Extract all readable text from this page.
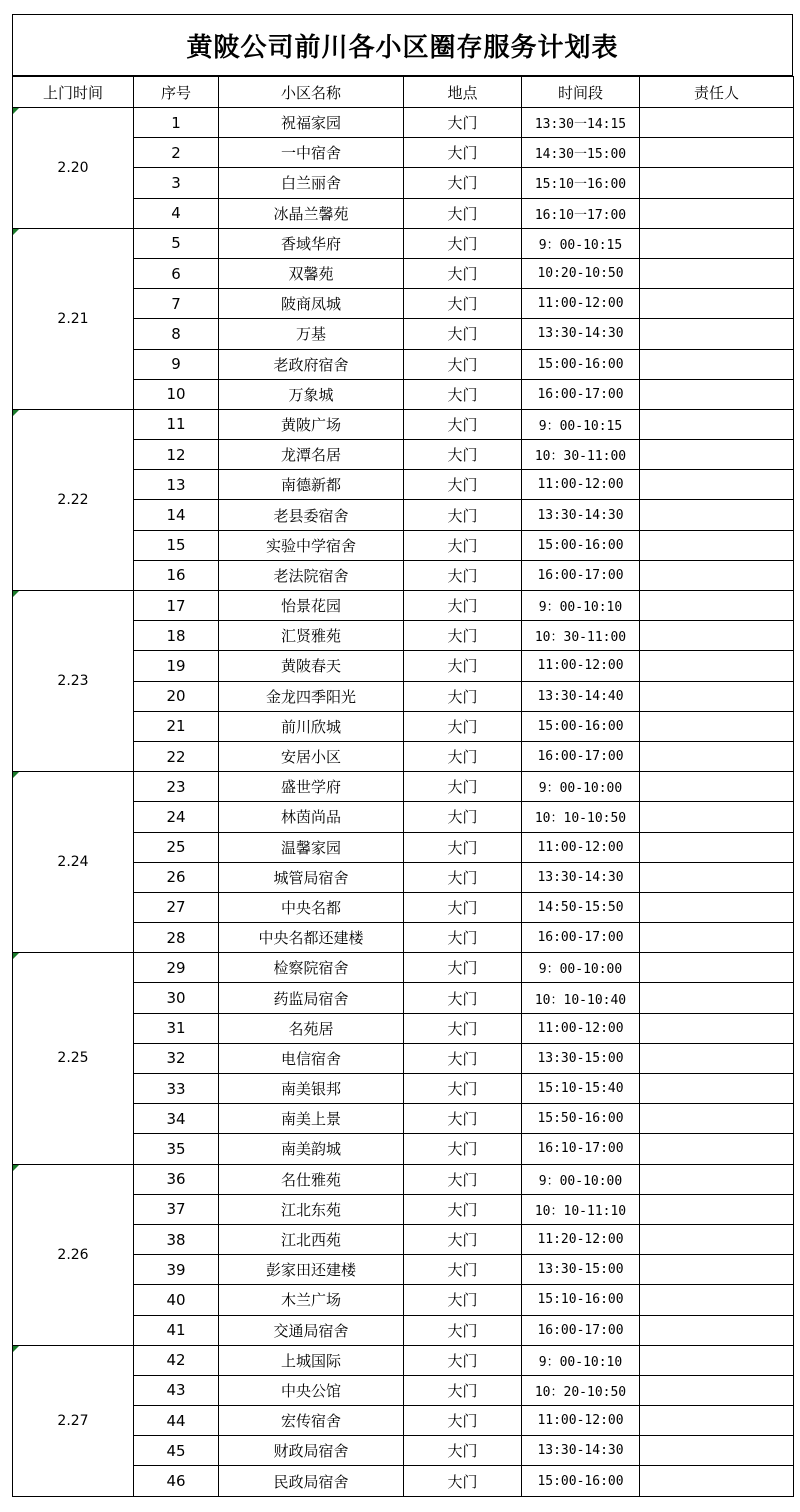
黄陂公司前川各小区圈存服务计划表
上门时间	序号	小区名称	地点	时间段	责任人
2.20	1	祝福家园	大门	13:30一14:15	
	2	一中宿舍	大门	14:30一15:00	
	3	白兰丽舍	大门	15:10一16:00	
	4	冰晶兰馨苑	大门	16:10一17:00	
2.21	5	香域华府	大门	9：00-10:15	
	6	双馨苑	大门	10:20-10:50	
	7	陂商凤城	大门	11:00-12:00	
	8	万基	大门	13:30-14:30	
	9	老政府宿舍	大门	15:00-16:00	
	10	万象城	大门	16:00-17:00	
2.22	11	黄陂广场	大门	9：00-10:15	
	12	龙潭名居	大门	10：30-11:00	
	13	南德新都	大门	11:00-12:00	
	14	老县委宿舍	大门	13:30-14:30	
	15	实验中学宿舍	大门	15:00-16:00	
	16	老法院宿舍	大门	16:00-17:00	
2.23	17	怡景花园	大门	9：00-10:10	
	18	汇贤雅苑	大门	10：30-11:00	
	19	黄陂春天	大门	11:00-12:00	
	20	金龙四季阳光	大门	13:30-14:40	
	21	前川欣城	大门	15:00-16:00	
	22	安居小区	大门	16:00-17:00	
2.24	23	盛世学府	大门	9：00-10:00	
	24	林茵尚品	大门	10：10-10:50	
	25	温馨家园	大门	11:00-12:00	
	26	城管局宿舍	大门	13:30-14:30	
	27	中央名都	大门	14:50-15:50	
	28	中央名都还建楼	大门	16:00-17:00	
2.25	29	检察院宿舍	大门	9：00-10:00	
	30	药监局宿舍	大门	10：10-10:40	
	31	名苑居	大门	11:00-12:00	
	32	电信宿舍	大门	13:30-15:00	
	33	南美银邦	大门	15:10-15:40	
	34	南美上景	大门	15:50-16:00	
	35	南美韵城	大门	16:10-17:00	
2.26	36	名仕雅苑	大门	9：00-10:00	
	37	江北东苑	大门	10：10-11:10	
	38	江北西苑	大门	11:20-12:00	
	39	彭家田还建楼	大门	13:30-15:00	
	40	木兰广场	大门	15:10-16:00	
	41	交通局宿舍	大门	16:00-17:00	
2.27	42	上城国际	大门	9：00-10:10	
	43	中央公馆	大门	10：20-10:50	
	44	宏传宿舍	大门	11:00-12:00	
	45	财政局宿舍	大门	13:30-14:30	
	46	民政局宿舍	大门	15:00-16:00	
